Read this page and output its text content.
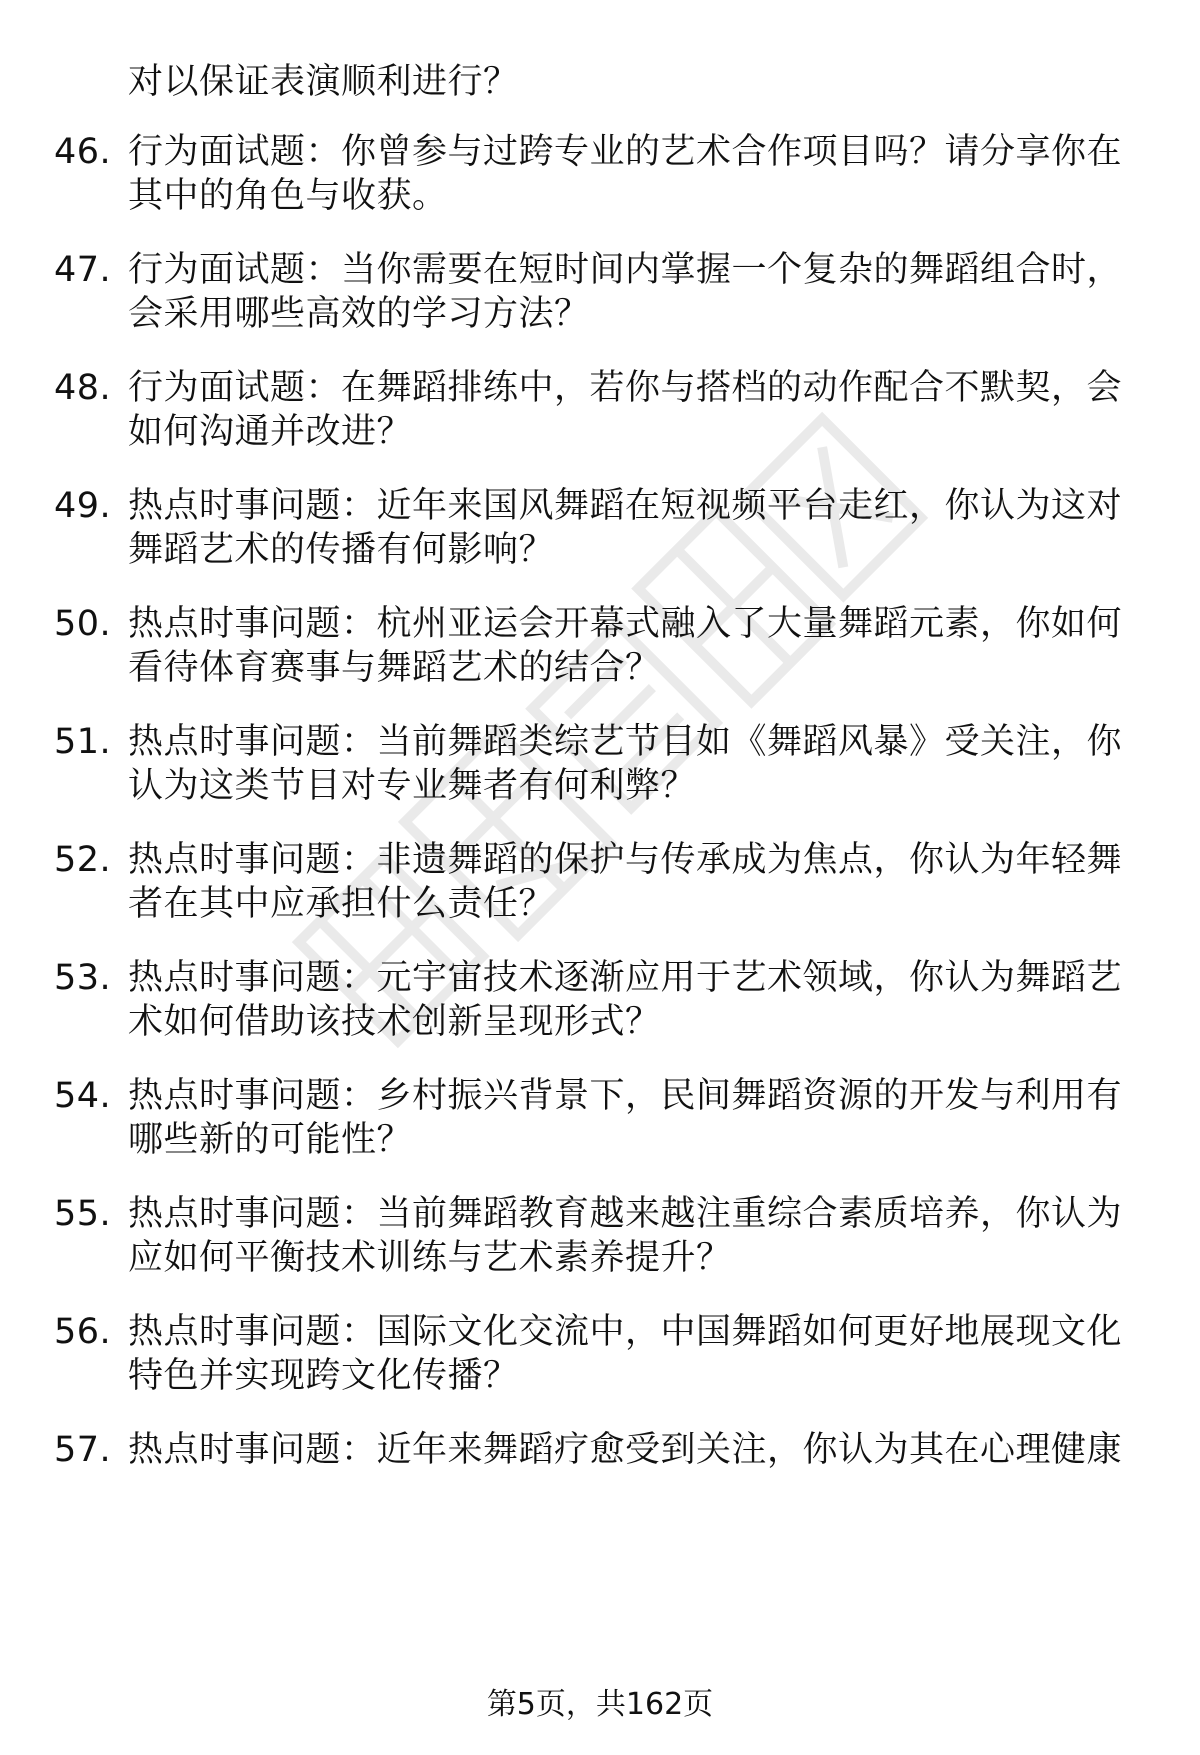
对以保证表演顺利进行？
46. 行为面试题：你曾参与过跨专业的艺术合作项目吗？请分享你在
其中的角色与收获。
47. 行为面试题：当你需要在短时间内掌握一个复杂的舞蹈组合时，
会采用哪些高效的学习方法？
48. 行为面试题：在舞蹈排练中，若你与搭档的动作配合不默契，会
如何沟通并改进？
49. 热点时事问题：近年来国风舞蹈在短视频平台走红，你认为这对
舞蹈艺术的传播有何影响？
50. 热点时事问题：杭州亚运会开幕式融入了大量舞蹈元素，你如何
看待体育赛事与舞蹈艺术的结合？
51. 热点时事问题：当前舞蹈类综艺节目如《舞蹈风暴》受关注，你
认为这类节目对专业舞者有何利弊？
52. 热点时事问题：非遗舞蹈的保护与传承成为焦点，你认为年轻舞
者在其中应承担什么责任？
53. 热点时事问题：元宇宙技术逐渐应用于艺术领域，你认为舞蹈艺
术如何借助该技术创新呈现形式？
54. 热点时事问题：乡村振兴背景下，民间舞蹈资源的开发与利用有
哪些新的可能性？
55. 热点时事问题：当前舞蹈教育越来越注重综合素质培养，你认为
应如何平衡技术训练与艺术素养提升？
56. 热点时事问题：国际文化交流中，中国舞蹈如何更好地展现文化
特色并实现跨文化传播？
57. 热点时事问题：近年来舞蹈疗愈受到关注，你认为其在心理健康
第5页，共162页
